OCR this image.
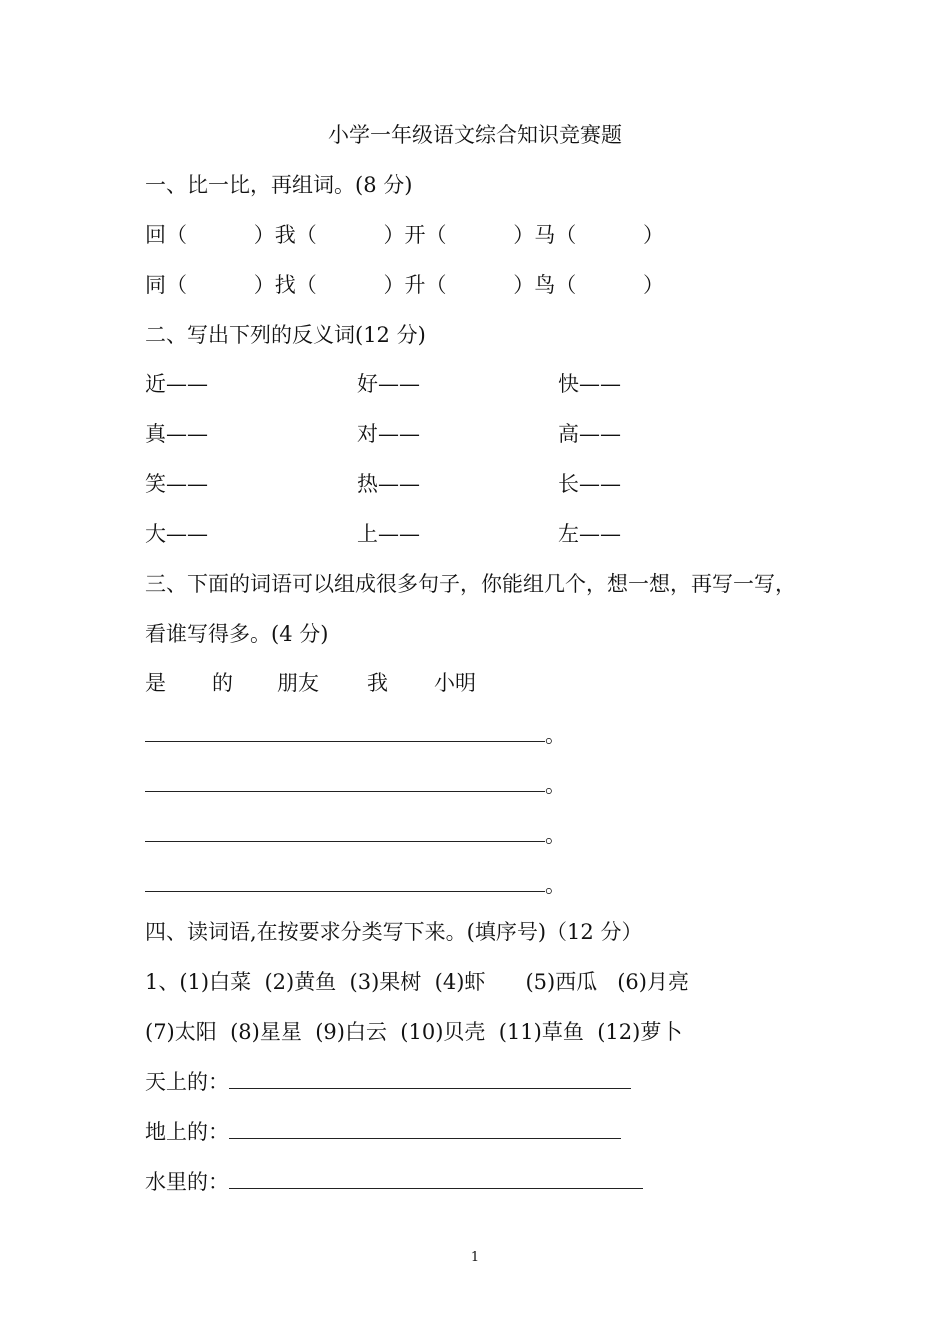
小学一年级语文综合知识竞赛题
一、比一比，再组词。(8 分)
回（          ）我（          ）开（          ）马（          ）
同（          ）找（          ）升（          ）鸟（          ）
二、写出下列的反义词(12 分)
近——	好——	快——
真——	对——	高——
笑——	热——	长——
大——	上——	左——
三、下面的词语可以组成很多句子，你能组几个，想一想，再写一写，
看谁写得多。(4 分)
是 的 朋友 我 小明
。
。
。
。
四、读词语,在按要求分类写下来。(填序号)（12 分）
1、(1)白菜  (2)黄鱼  (3)果树  (4)虾      (5)西瓜   (6)月亮
(7)太阳  (8)星星  (9)白云  (10)贝壳  (11)草鱼  (12)萝卜
天上的：
地上的：
水里的：
1
